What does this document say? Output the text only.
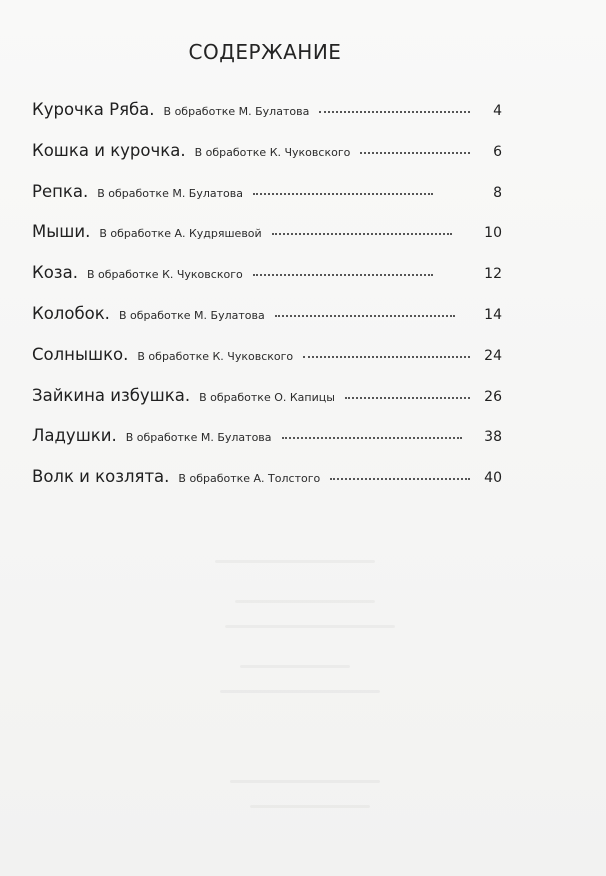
СОДЕРЖАНИЕ
Курочка Ряба. В обработке М. Булатова	4
Кошка и курочка. В обработке К. Чуковского	6
Репка. В обработке М. Булатова	8
Мыши. В обработке А. Кудряшевой	10
Коза. В обработке К. Чуковского	12
Колобок. В обработке М. Булатова	14
Солнышко. В обработке К. Чуковского	24
Зайкина избушка. В обработке О. Капицы	26
Ладушки. В обработке М. Булатова	38
Волк и козлята. В обработке А. Толстого	40
